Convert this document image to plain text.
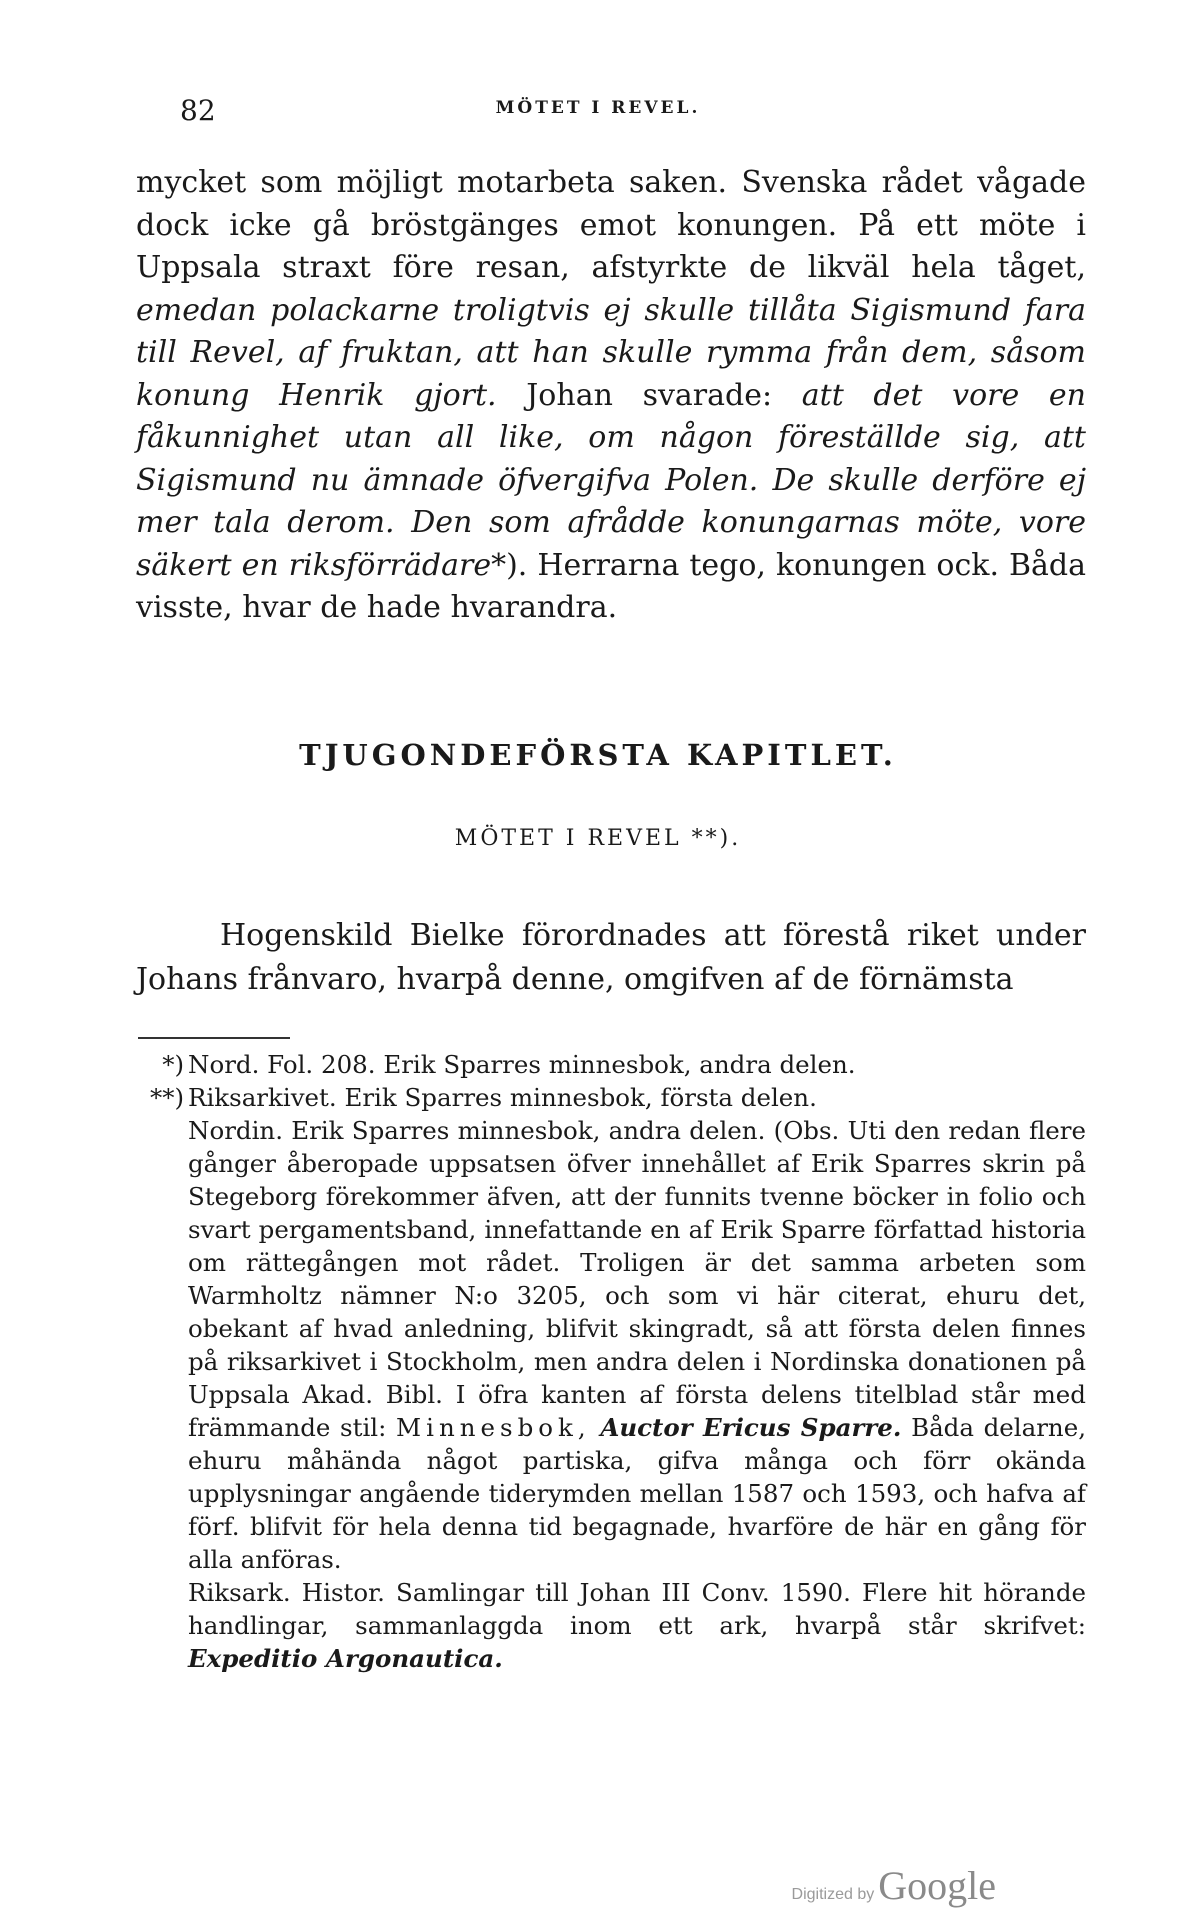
82	MÖTET I REVEL.

mycket som möjligt motarbeta saken. Svenska rådet vågade dock icke gå bröstgänges emot konungen. På ett möte i Uppsala straxt före resan, afstyrkte de likväl hela tåget, emedan polackarne troligtvis ej skulle tillåta Sigismund fara till Revel, af fruktan, att han skulle rymma från dem, såsom konung Henrik gjort. Johan svarade: att det vore en fåkunnighet utan all like, om någon föreställde sig, att Sigismund nu ämnade öfvergifva Polen. De skulle derföre ej mer tala derom. Den som afrådde konungarnas möte, vore säkert en riksförrädare*). Herrarna tego, konungen ock. Båda visste, hvar de hade hvarandra.

TJUGONDEFÖRSTA KAPITLET.
MÖTET I REVEL **).

Hogenskild Bielke förordnades att förestå riket under Johans frånvaro, hvarpå denne, omgifven af de förnämsta

*) Nord. Fol. 208. Erik Sparres minnesbok, andra delen.

**) Riksarkivet. Erik Sparres minnesbok, första delen.

Nordin. Erik Sparres minnesbok, andra delen. (Obs. Uti den redan flere gånger åberopade uppsatsen öfver innehållet af Erik Sparres skrin på Stegeborg förekommer äfven, att der funnits tvenne böcker in folio och svart pergamentsband, innefattande en af Erik Sparre författad historia om rättegången mot rådet. Troligen är det samma arbeten som Warmholtz nämner N:o 3205, och som vi här citerat, ehuru det, obekant af hvad anledning, blifvit skingradt, så att första delen finnes på riksarkivet i Stockholm, men andra delen i Nordinska donationen på Uppsala Akad. Bibl. I öfra kanten af första delens titelblad står med främmande stil: Minnesbok, Auctor Ericus Sparre. Båda delarne, ehuru måhända något partiska, gifva många och förr okända upplysningar angående tiderymden mellan 1587 och 1593, och hafva af förf. blifvit för hela denna tid begagnade, hvarföre de här en gång för alla anföras.

Riksark. Histor. Samlingar till Johan III Conv. 1590. Flere hit hörande handlingar, sammanlaggda inom ett ark, hvarpå står skrifvet: Expeditio Argonautica.

Digitized by Google
